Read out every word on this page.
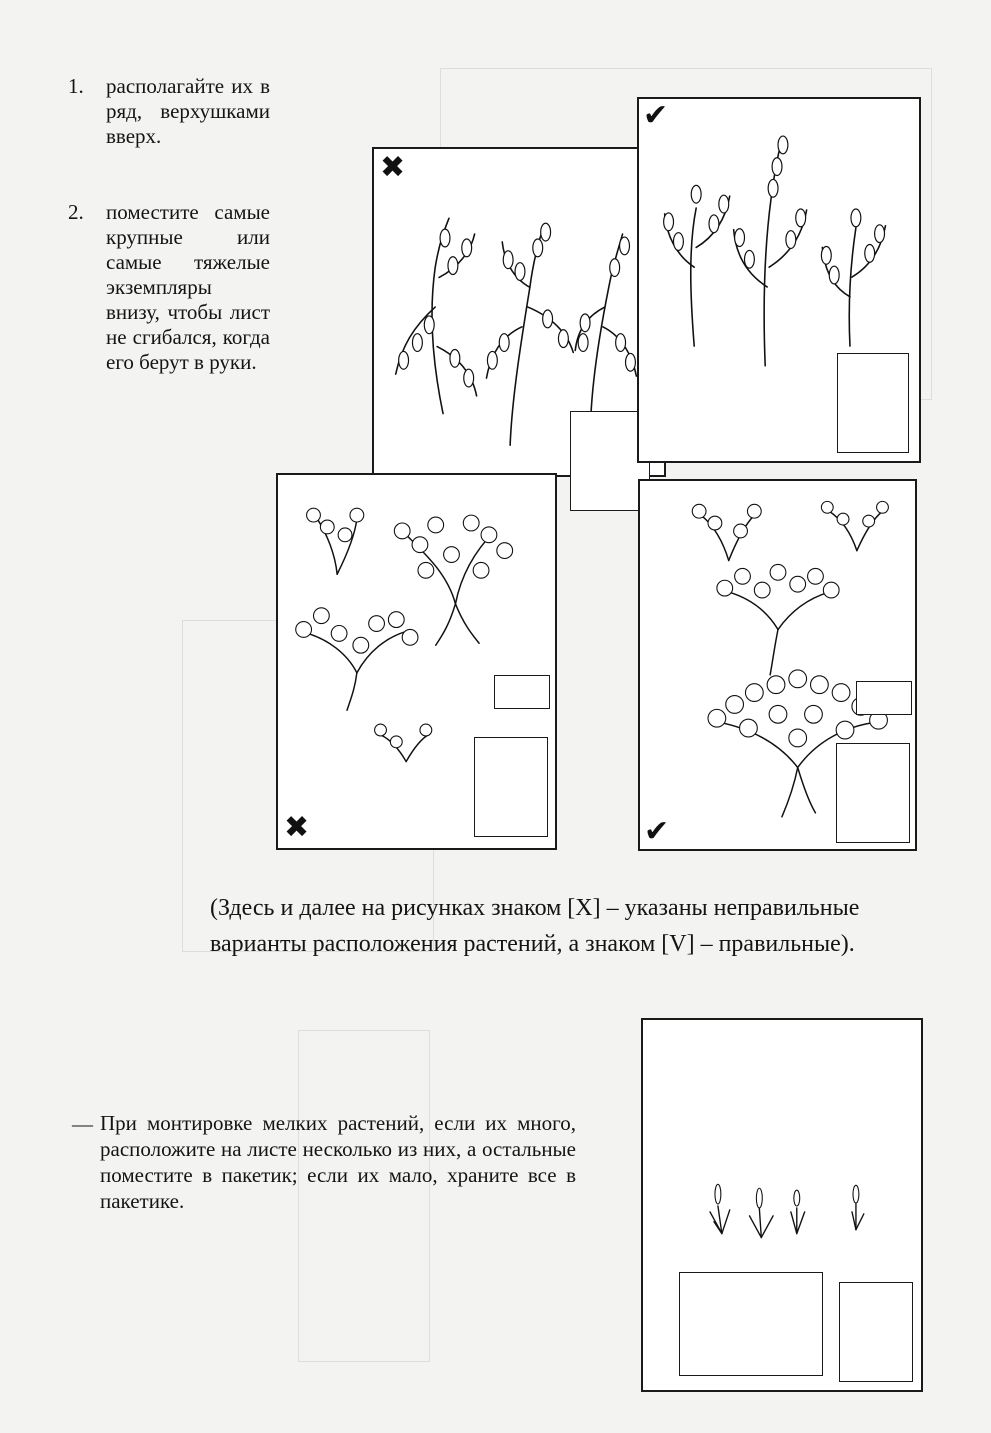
1. располагайте их в ряд, верхушками вверх.
2. поместите самые крупные или самые тяжелые экземпляры внизу, чтобы лист не сгибался, когда его берут в руки.
✖
✔
✖	✔
(Здесь и далее на рисунках знаком [X] – указаны неправильные варианты расположения растений, а знаком [V] – правильные).
— При монтировке мелких растений, если их много, расположите на листе несколько из них, а остальные поместите в пакетик; если их мало, храните все в пакетике.
